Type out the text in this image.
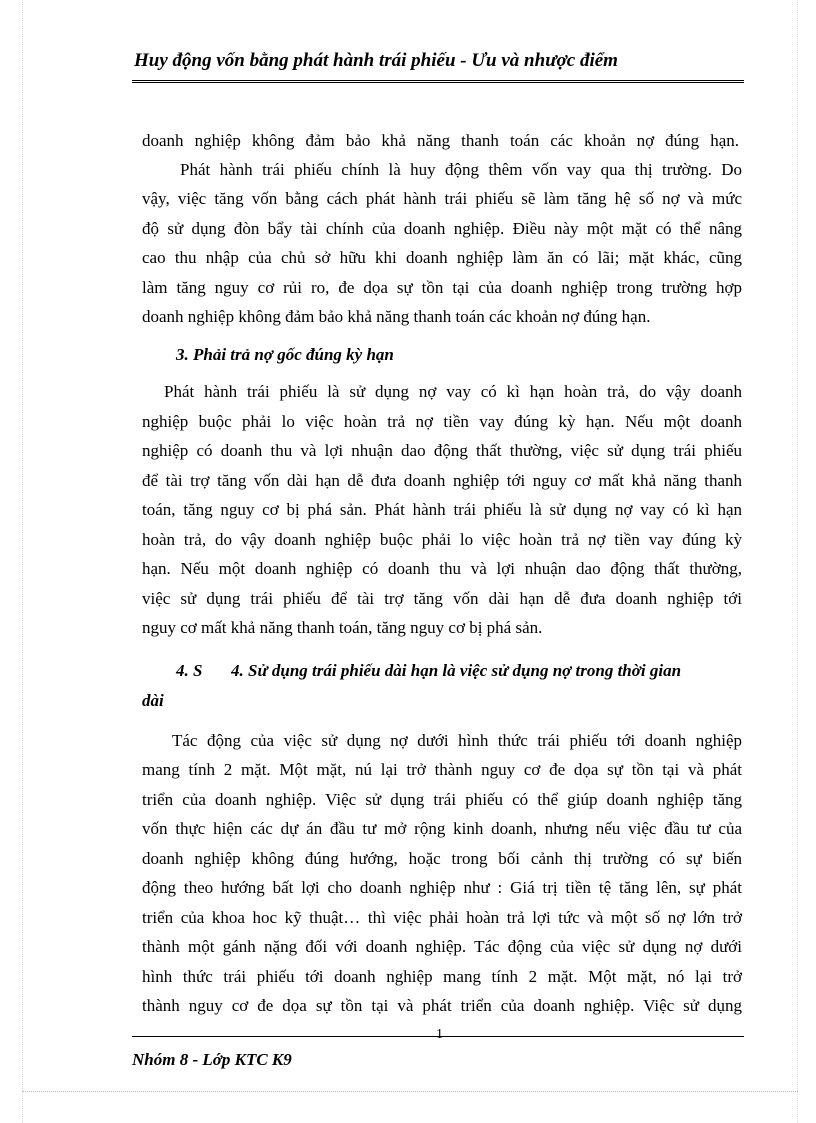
Huy động vốn bằng phát hành trái phiếu - Ưu và nhược điểm
doanh nghiệp không đảm bảo khả năng thanh toán các khoản nợ đúng hạn.
Phát hành trái phiếu chính là huy động thêm vốn vay qua thị trường. Do
vậy, việc tăng vốn bằng cách phát hành trái phiếu sẽ làm tăng hệ số nợ và mức
độ sử dụng đòn bẩy tài chính của doanh nghiệp. Điều này một mặt có thể nâng
cao thu nhập của chủ sở hữu khi doanh nghiệp làm ăn có lãi; mặt khác, cũng
làm tăng nguy cơ rủi ro, đe dọa sự tồn tại của doanh nghiệp trong trường hợp
doanh nghiệp không đảm bảo khả năng thanh toán các khoản nợ đúng hạn.
3. Phải trả nợ gốc đúng kỳ hạn
Phát hành trái phiếu là sử dụng nợ vay có kì hạn hoàn trả, do vậy doanh
nghiệp buộc phải lo việc hoàn trả nợ tiền vay đúng kỳ hạn. Nếu một doanh
nghiệp có doanh thu và lợi nhuận dao động thất thường, việc sử dụng trái phiếu
để tài trợ tăng vốn dài hạn dễ đưa doanh nghiệp tới nguy cơ mất khả năng thanh
toán, tăng nguy cơ bị phá sản. Phát hành trái phiếu là sử dụng nợ vay có kì hạn
hoàn trả, do vậy doanh nghiệp buộc phải lo việc hoàn trả nợ tiền vay đúng kỳ
hạn. Nếu một doanh nghiệp có doanh thu và lợi nhuận dao động thất thường,
việc sử dụng trái phiếu để tài trợ tăng vốn dài hạn dễ đưa doanh nghiệp tới
nguy cơ mất khả năng thanh toán, tăng nguy cơ bị phá sản.
4. S 4. Sử dụng trái phiếu dài hạn là việc sử dụng nợ trong thời gian
dài
Tác động của việc sử dụng nợ dưới hình thức trái phiếu tới doanh nghiệp
mang tính 2 mặt. Một mặt, nú lại trở thành nguy cơ đe dọa sự tồn tại và phát
triển của doanh nghiệp. Việc sử dụng trái phiếu có thể giúp doanh nghiệp tăng
vốn thực hiện các dự án đầu tư mở rộng kinh doanh, nhưng nếu việc đầu tư của
doanh nghiệp không đúng hướng, hoặc trong bối cảnh thị trường có sự biến
động theo hướng bất lợi cho doanh nghiệp như : Giá trị tiền tệ tăng lên, sự phát
triển của khoa hoc kỹ thuật… thì việc phải hoàn trả lợi tức và một số nợ lớn trở
thành một gánh nặng đối với doanh nghiệp. Tác động của việc sử dụng nợ dưới
hình thức trái phiếu tới doanh nghiệp mang tính 2 mặt. Một mặt, nó lại trở
thành nguy cơ đe dọa sự tồn tại và phát triển của doanh nghiệp. Việc sử dụng
1
Nhóm 8 - Lớp KTC K9
